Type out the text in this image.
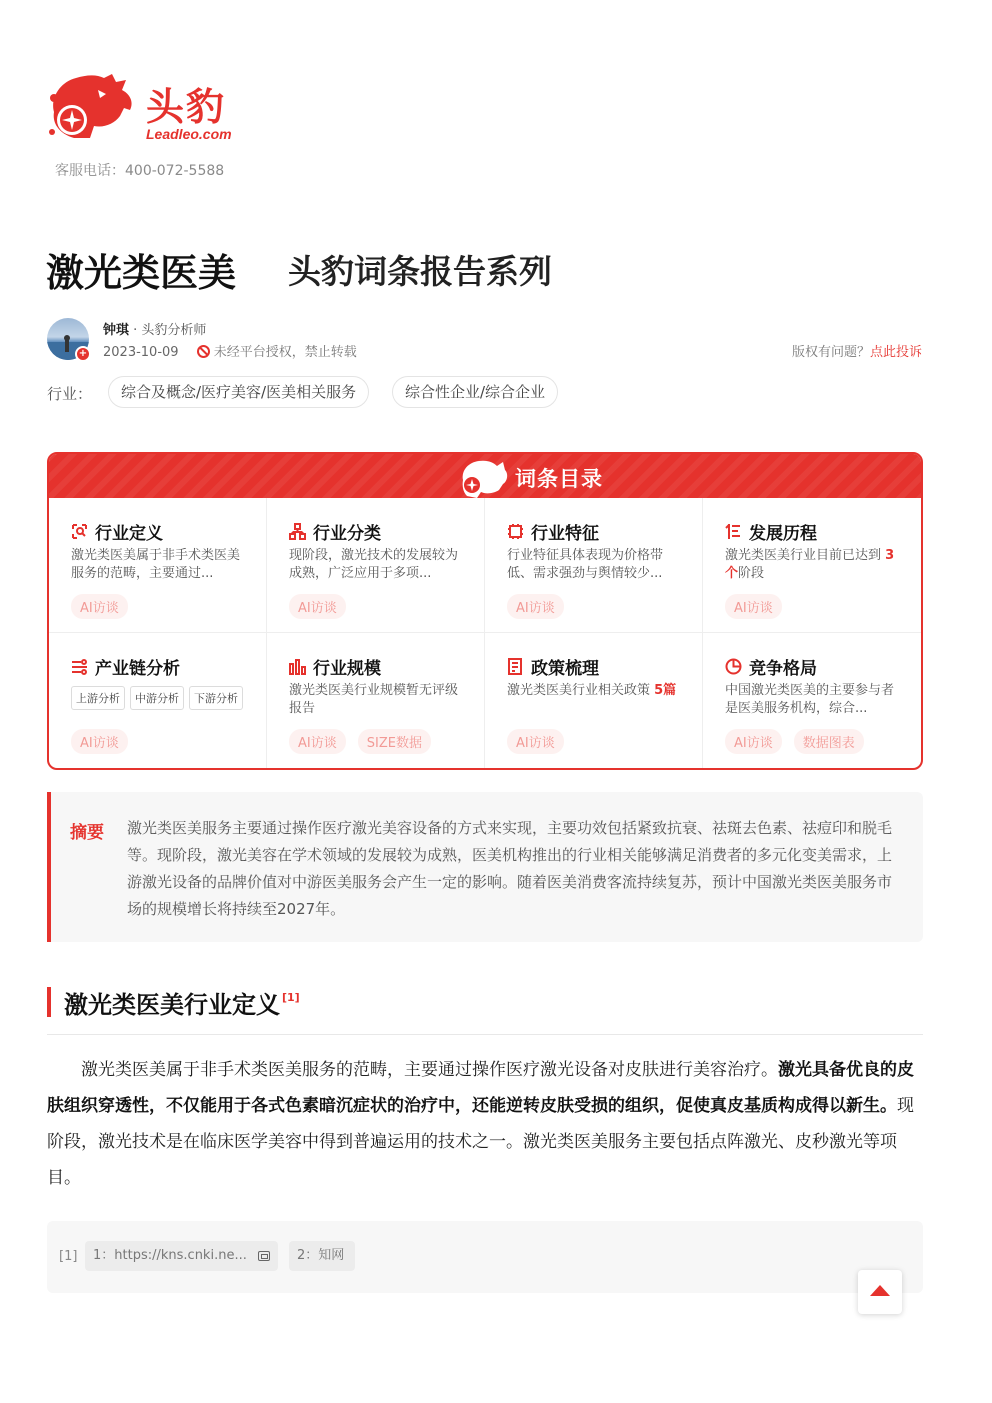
头豹
Leadleo.com
客服电话：400-072-5588
激光类医美 头豹词条报告系列
+
钟琪 · 头豹分析师
2023-10-09	未经平台授权，禁止转载	版权有问题？点此投诉
行业：	综合及概念/医疗美容/医美相关服务	综合性企业/综合企业
词条目录
行业定义
激光类医美属于非手术类医美服务的范畴，主要通过...
AI访谈
行业分类
现阶段，激光技术的发展较为成熟，广泛应用于多项...
AI访谈
行业特征
行业特征具体表现为价格带低、需求强劲与舆情较少...
AI访谈
发展历程
激光类医美行业目前已达到 3个阶段
AI访谈
产业链分析
上游分析	中游分析	下游分析
AI访谈
行业规模
激光类医美行业规模暂无评级报告
AI访谈	SIZE数据
政策梳理
激光类医美行业相关政策 5篇
AI访谈
竞争格局
中国激光类医美的主要参与者是医美服务机构，综合...
AI访谈	数据图表
摘要 激光类医美服务主要通过操作医疗激光美容设备的方式来实现，主要功效包括紧致抗衰、祛斑去色素、祛痘印和脱毛等。现阶段，激光美容在学术领域的发展较为成熟，医美机构推出的行业相关能够满足消费者的多元化变美需求，上游激光设备的品牌价值对中游医美服务会产生一定的影响。随着医美消费客流持续复苏，预计中国激光类医美服务市场的规模增长将持续至2027年。
激光类医美行业定义 [1]
激光类医美属于非手术类医美服务的范畴，主要通过操作医疗激光设备对皮肤进行美容治疗。激光具备优良的皮肤组织穿透性，不仅能用于各式色素暗沉症状的治疗中，还能逆转皮肤受损的组织，促使真皮基质构成得以新生。现阶段，激光技术是在临床医学美容中得到普遍运用的技术之一。激光类医美服务主要包括点阵激光、皮秒激光等项目。
[1]	1：https://kns.cnki.ne...	2：知网
